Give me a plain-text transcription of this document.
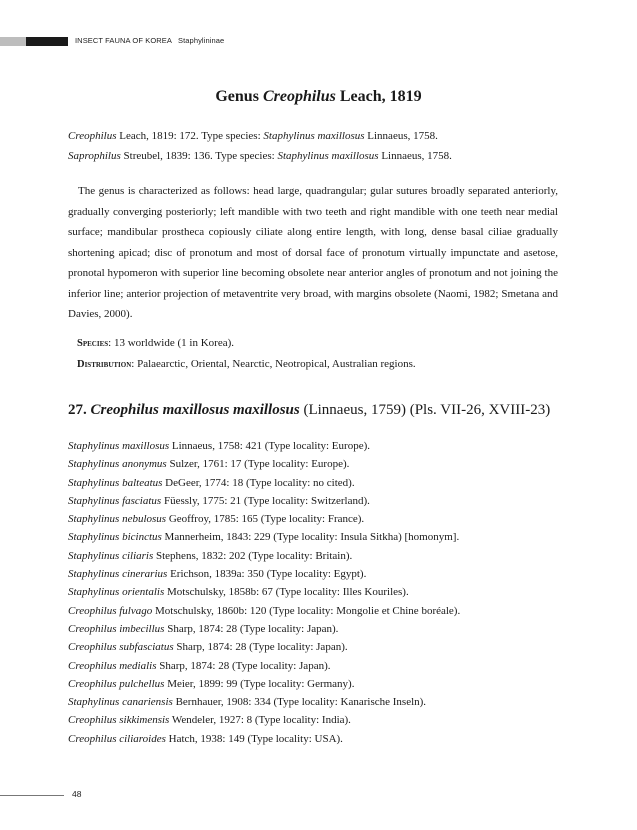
INSECT FAUNA OF KOREA Staphylininae
Genus Creophilus Leach, 1819
Creophilus Leach, 1819: 172. Type species: Staphylinus maxillosus Linnaeus, 1758.
Saprophilus Streubel, 1839: 136. Type species: Staphylinus maxillosus Linnaeus, 1758.
The genus is characterized as follows: head large, quadrangular; gular sutures broadly separated anteriorly, gradually converging posteriorly; left mandible with two teeth and right mandible with one teeth near medial surface; mandibular prostheca copiously ciliate along entire length, with long, dense basal ciliae gradually shortening apicad; disc of pronotum and most of dorsal face of pronotum virtually impunctate and asetose, pronotal hypomeron with superior line becoming obsolete near anterior angles of pronotum and not joining the inferior line; anterior projection of metaventrite very broad, with margins obsolete (Naomi, 1982; Smetana and Davies, 2000).
Species: 13 worldwide (1 in Korea).
Distribution: Palaearctic, Oriental, Nearctic, Neotropical, Australian regions.
27. Creophilus maxillosus maxillosus (Linnaeus, 1759) (Pls. VII-26, XVIII-23)
Staphylinus maxillosus Linnaeus, 1758: 421 (Type locality: Europe).
Staphylinus anonymus Sulzer, 1761: 17 (Type locality: Europe).
Staphylinus balteatus DeGeer, 1774: 18 (Type locality: no cited).
Staphylinus fasciatus Füessly, 1775: 21 (Type locality: Switzerland).
Staphylinus nebulosus Geoffroy, 1785: 165 (Type locality: France).
Staphylinus bicinctus Mannerheim, 1843: 229 (Type locality: Insula Sitkha) [homonym].
Staphylinus ciliaris Stephens, 1832: 202 (Type locality: Britain).
Staphylinus cinerarius Erichson, 1839a: 350 (Type locality: Egypt).
Staphylinus orientalis Motschulsky, 1858b: 67 (Type locality: Illes Kouriles).
Creophilus fulvago Motschulsky, 1860b: 120 (Type locality: Mongolie et Chine boréale).
Creophilus imbecillus Sharp, 1874: 28 (Type locality: Japan).
Creophilus subfasciatus Sharp, 1874: 28 (Type locality: Japan).
Creophilus medialis Sharp, 1874: 28 (Type locality: Japan).
Creophilus pulchellus Meier, 1899: 99 (Type locality: Germany).
Staphylinus canariensis Bernhauer, 1908: 334 (Type locality: Kanarische Inseln).
Creophilus sikkimensis Wendeler, 1927: 8 (Type locality: India).
Creophilus ciliaroides Hatch, 1938: 149 (Type locality: USA).
48
